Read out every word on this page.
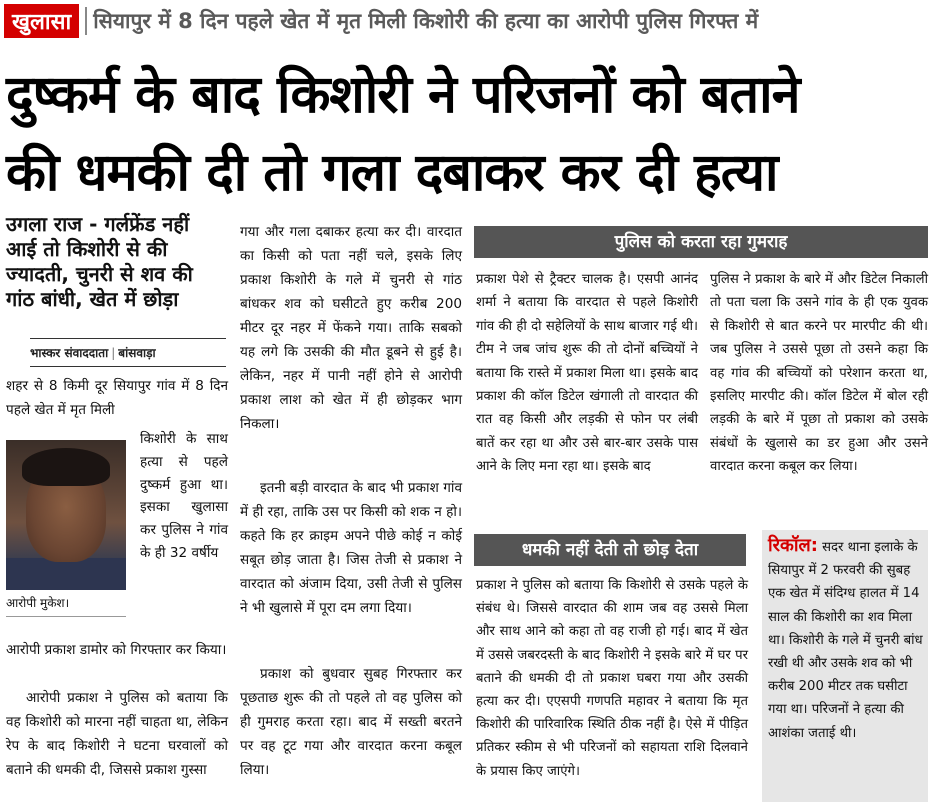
खुलासा	सियापुर में 8 दिन पहले खेत में मृत मिली किशोरी की हत्या का आरोपी पुलिस गिरफ्त में
दुष्कर्म के बाद किशोरी ने परिजनों को बताने
की धमकी दी तो गला दबाकर कर दी हत्या
उगला राज - गर्लफ्रेंड नहीं आई तो किशोरी से की ज्यादती, चुनरी से शव की गांठ बांधी, खेत में छोड़ा
भास्कर संवाददाता | बांसवाड़ा
शहर से 8 किमी दूर सियापुर गांव में 8 दिन पहले खेत में मृत मिली
आरोपी मुकेश।
किशोरी के साथ हत्या से पहले दुष्कर्म हुआ था। इसका खुलासा कर पुलिस ने गांव के ही 32 वर्षीय
आरोपी प्रकाश डामोर को गिरफ्तार कर किया।
आरोपी प्रकाश ने पुलिस को बताया कि वह किशोरी को मारना नहीं चाहता था, लेकिन रेप के बाद किशोरी ने घटना घरवालों को बताने की धमकी दी, जिससे प्रकाश गुस्सा
गया और गला दबाकर हत्या कर दी। वारदात का किसी को पता नहीं चले, इसके लिए प्रकाश किशोरी के गले में चुनरी से गांठ बांधकर शव को घसीटते हुए करीब 200 मीटर दूर नहर में फेंकने गया। ताकि सबको यह लगे कि उसकी की मौत डूबने से हुई है। लेकिन, नहर में पानी नहीं होने से आरोपी प्रकाश लाश को खेत में ही छोड़कर भाग निकला।
इतनी बड़ी वारदात के बाद भी प्रकाश गांव में ही रहा, ताकि उस पर किसी को शक न हो। कहते कि हर क्राइम अपने पीछे कोई न कोई सबूत छोड़ जाता है। जिस तेजी से प्रकाश ने वारदात को अंजाम दिया, उसी तेजी से पुलिस ने भी खुलासे में पूरा दम लगा दिया।
प्रकाश को बुधवार सुबह गिरफ्तार कर पूछताछ शुरू की तो पहले तो वह पुलिस को ही गुमराह करता रहा। बाद में सख्ती बरतने पर वह टूट गया और वारदात करना कबूल लिया।
पुलिस को करता रहा गुमराह
प्रकाश पेशे से ट्रैक्टर चालक है। एसपी आनंद शर्मा ने बताया कि वारदात से पहले किशोरी गांव की ही दो सहेलियों के साथ बाजार गई थी। टीम ने जब जांच शुरू की तो दोनों बच्चियों ने बताया कि रास्ते में प्रकाश मिला था। इसके बाद प्रकाश की कॉल डिटेल खंगाली तो वारदात की रात वह किसी और लड़की से फोन पर लंबी बातें कर रहा था और उसे बार-बार उसके पास आने के लिए मना रहा था। इसके बाद
पुलिस ने प्रकाश के बारे में और डिटेल निकाली तो पता चला कि उसने गांव के ही एक युवक से किशोरी से बात करने पर मारपीट की थी। जब पुलिस ने उससे पूछा तो उसने कहा कि वह गांव की बच्चियों को परेशान करता था, इसलिए मारपीट की। कॉल डिटेल में बोल रही लड़की के बारे में पूछा तो प्रकाश को उसके संबंधों के खुलासे का डर हुआ और उसने वारदात करना कबूल कर लिया।
धमकी नहीं देती तो छोड़ देता
प्रकाश ने पुलिस को बताया कि किशोरी से उसके पहले के संबंध थे। जिससे वारदात की शाम जब वह उससे मिला और साथ आने को कहा तो वह राजी हो गई। बाद में खेत में उससे जबरदस्ती के बाद किशोरी ने इसके बारे में घर पर बताने की धमकी दी तो प्रकाश घबरा गया और उसकी हत्या कर दी। एएसपी गणपति महावर ने बताया कि मृत किशोरी की पारिवारिक स्थिति ठीक नहीं है। ऐसे में पीड़ित प्रतिकर स्कीम से भी परिजनों को सहायता राशि दिलवाने के प्रयास किए जाएंगे।
रिकॉल: सदर थाना इलाके के सियापुर में 2 फरवरी की सुबह एक खेत में संदिग्ध हालत में 14 साल की किशोरी का शव मिला था। किशोरी के गले में चुनरी बांध रखी थी और उसके शव को भी करीब 200 मीटर तक घसीटा गया था। परिजनों ने हत्या की आशंका जताई थी।
